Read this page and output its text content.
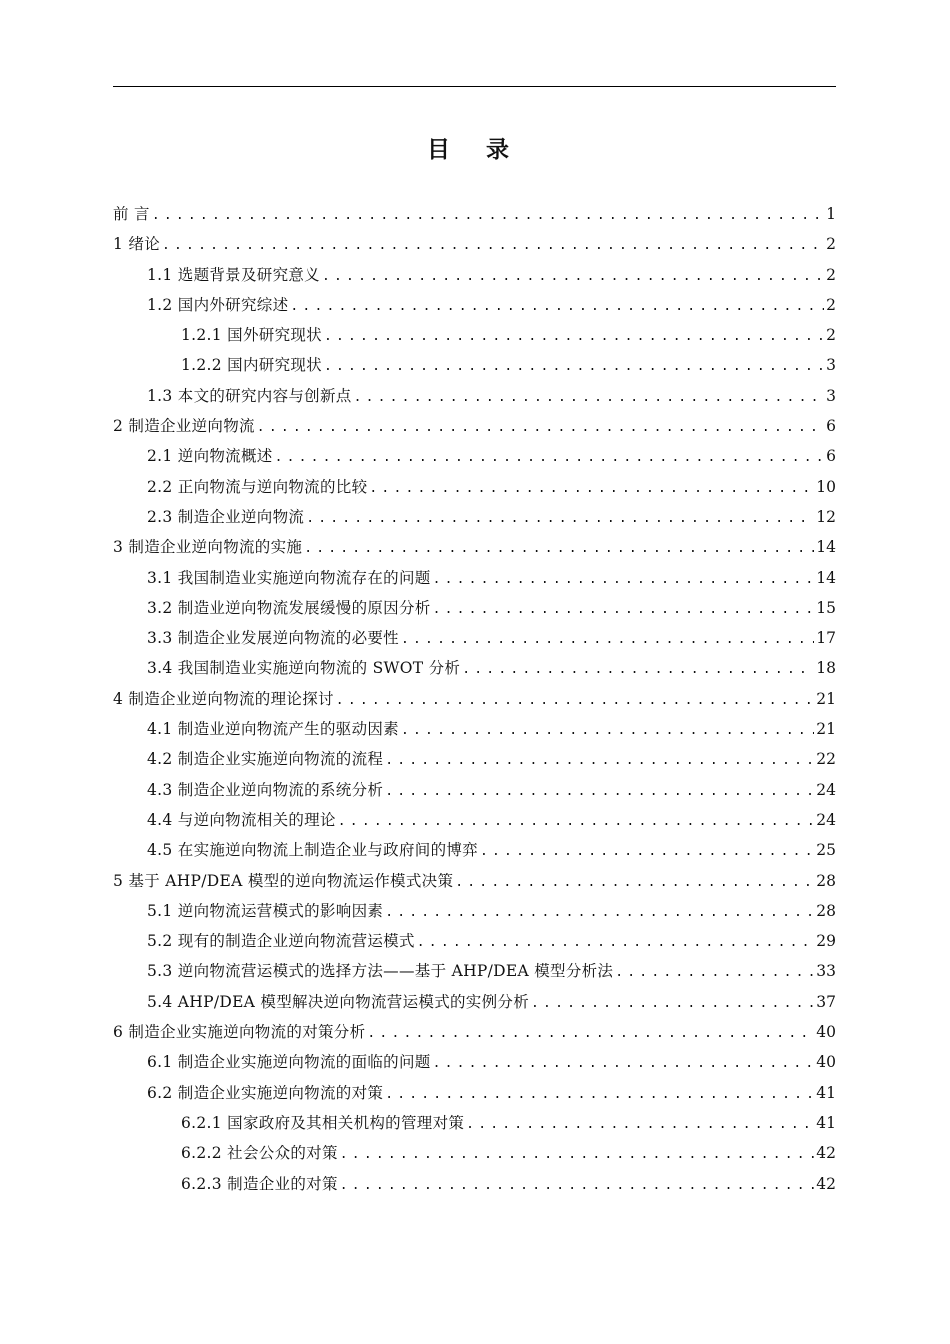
目 录
前 言 .....	1
1 绪论 .....	2
1.1 选题背景及研究意义 .....	2
1.2 国内外研究综述 .....	2
1.2.1 国外研究现状 .....	2
1.2.2 国内研究现状 .....	3
1.3 本文的研究内容与创新点 .....	3
2 制造企业逆向物流 .....	6
2.1 逆向物流概述 .....	6
2.2 正向物流与逆向物流的比较 .....	10
2.3 制造企业逆向物流 .....	12
3 制造企业逆向物流的实施 .....	14
3.1 我国制造业实施逆向物流存在的问题 .....	14
3.2 制造业逆向物流发展缓慢的原因分析 .....	15
3.3 制造企业发展逆向物流的必要性 .....	17
3.4 我国制造业实施逆向物流的 SWOT 分析 .....	18
4 制造企业逆向物流的理论探讨 .....	21
4.1 制造业逆向物流产生的驱动因素 .....	21
4.2 制造企业实施逆向物流的流程 .....	22
4.3 制造企业逆向物流的系统分析 .....	24
4.4 与逆向物流相关的理论 .....	24
4.5 在实施逆向物流上制造企业与政府间的博弈 .....	25
5 基于 AHP/DEA 模型的逆向物流运作模式决策 .....	28
5.1 逆向物流运营模式的影响因素 .....	28
5.2 现有的制造企业逆向物流营运模式 .....	29
5.3 逆向物流营运模式的选择方法——基于 AHP/DEA 模型分析法 .....	33
5.4 AHP/DEA 模型解决逆向物流营运模式的实例分析 .....	37
6 制造企业实施逆向物流的对策分析 .....	40
6.1 制造企业实施逆向物流的面临的问题 .....	40
6.2 制造企业实施逆向物流的对策 .....	41
6.2.1 国家政府及其相关机构的管理对策 .....	41
6.2.2 社会公众的对策 .....	42
6.2.3 制造企业的对策 .....	42
